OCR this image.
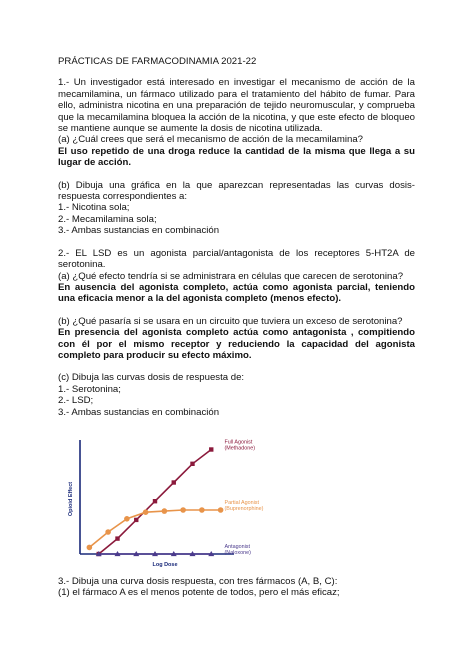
PRÁCTICAS DE FARMACODINAMIA 2021-22

1.- Un investigador está interesado en investigar el mecanismo de acción de la mecamilamina, un fármaco utilizado para el tratamiento del hábito de fumar. Para ello, administra nicotina en una preparación de tejido neuromuscular, y comprueba que la mecamilamina bloquea la acción de la nicotina, y que este efecto de bloqueo se mantiene aunque se aumente la dosis de nicotina utilizada.

(a) ¿Cuál crees que será el mecanismo de acción de la mecamilamina?

El uso repetido de una droga reduce la cantidad de la misma que llega a su lugar de acción.

(b) Dibuja una gráfica en la que aparezcan representadas las curvas dosis-respuesta correspondientes a:

1.- Nicotina sola;
2.- Mecamilamina sola;
3.- Ambas sustancias en combinación

2.- EL LSD es un agonista parcial/antagonista de los receptores 5-HT2A de serotonina.

(a) ¿Qué efecto tendría si se administrara en células que carecen de serotonina?

En ausencia del agonista completo, actúa como agonista parcial, teniendo una eficacia menor a la del agonista completo (menos efecto).

(b) ¿Qué pasaría si se usara en un circuito que tuviera un exceso de serotonina?

En presencia del agonista completo actúa como antagonista , compitiendo con él por el mismo receptor y reduciendo la capacidad del agonista completo para producir su efecto máximo.

(c) Dibuja las curvas dosis de respuesta de:

1.- Serotonina;
2.- LSD;
3.- Ambas sustancias en combinación
Opioid Effect
Log Dose
Full Agonist
(Methadone)
Partial Agonist
(Buprenorphine)
Antagonist
(Naloxone)

3.- Dibuja una curva dosis respuesta, con tres fármacos (A, B, C):

(1) el fármaco A es el menos potente de todos, pero el más eficaz;
